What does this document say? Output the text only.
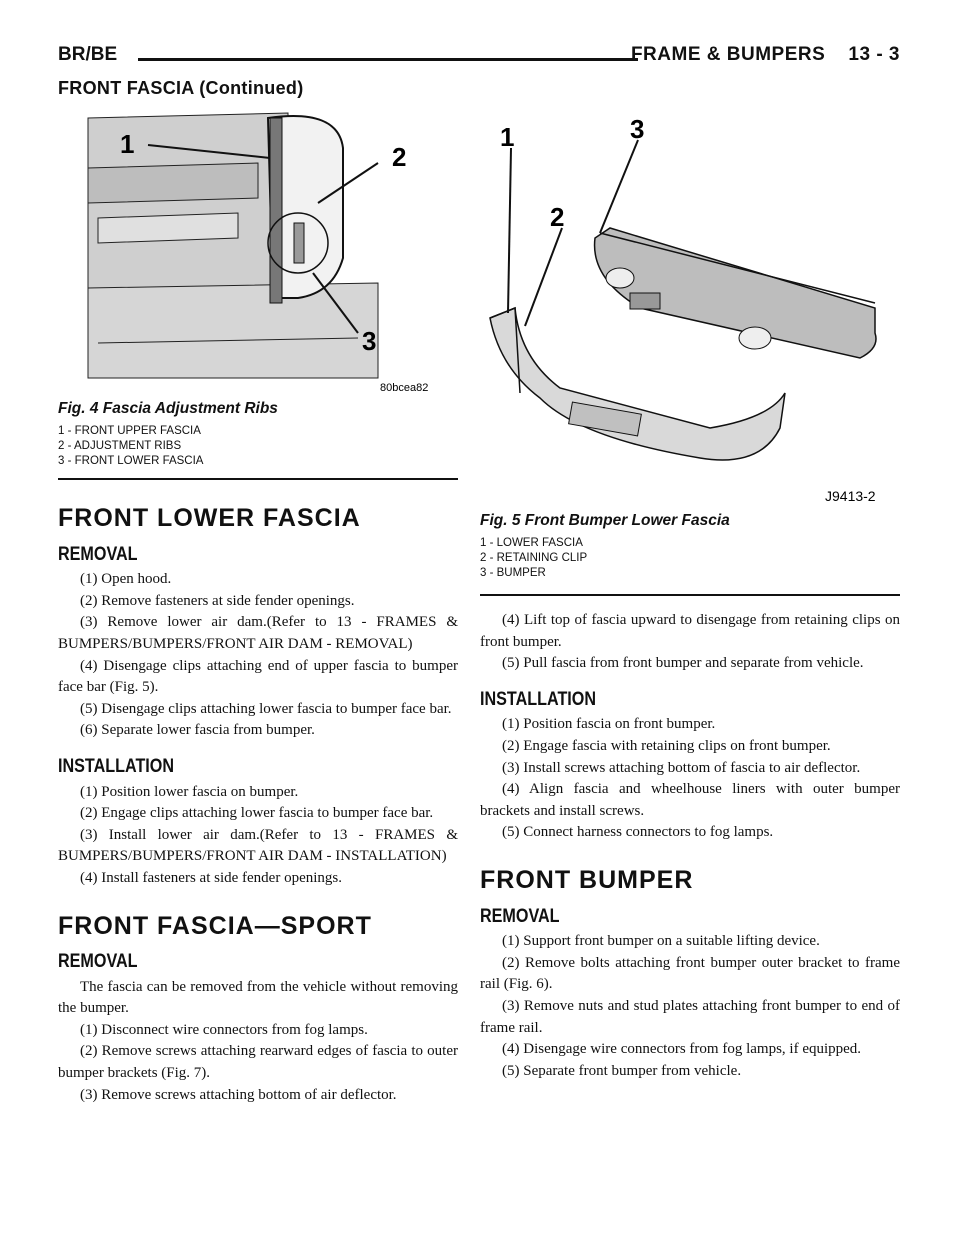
BR/BE	FRAME & BUMPERS    13 - 3
FRONT FASCIA (Continued)
1	2
3
80bcea82
Fig. 4 Fascia Adjustment Ribs
1 - FRONT UPPER FASCIA
2 - ADJUSTMENT RIBS
3 - FRONT LOWER FASCIA
1
2
3
J9413-2
Fig. 5 Front Bumper Lower Fascia
1 - LOWER FASCIA
2 - RETAINING CLIP
3 - BUMPER
FRONT LOWER FASCIA
REMOVAL

(1) Open hood.

(2) Remove fasteners at side fender openings.

(3) Remove lower air dam.(Refer to 13 - FRAMES & BUMPERS/BUMPERS/FRONT AIR DAM - REMOVAL)

(4) Disengage clips attaching end of upper fascia to bumper face bar (Fig. 5).

(5) Disengage clips attaching lower fascia to bumper face bar.

(6) Separate lower fascia from bumper.

INSTALLATION

(1) Position lower fascia on bumper.

(2) Engage clips attaching lower fascia to bumper face bar.

(3) Install lower air dam.(Refer to 13 - FRAMES & BUMPERS/BUMPERS/FRONT AIR DAM - INSTALLATION)

(4) Install fasteners at side fender openings.

FRONT FASCIA—SPORT
REMOVAL

The fascia can be removed from the vehicle without removing the bumper.

(1) Disconnect wire connectors from fog lamps.

(2) Remove screws attaching rearward edges of fascia to outer bumper brackets (Fig. 7).

(3) Remove screws attaching bottom of air deflector.

(4) Lift top of fascia upward to disengage from retaining clips on front bumper.

(5) Pull fascia from front bumper and separate from vehicle.

INSTALLATION

(1) Position fascia on front bumper.

(2) Engage fascia with retaining clips on front bumper.

(3) Install screws attaching bottom of fascia to air deflector.

(4) Align fascia and wheelhouse liners with outer bumper brackets and install screws.

(5) Connect harness connectors to fog lamps.

FRONT BUMPER
REMOVAL

(1) Support front bumper on a suitable lifting device.

(2) Remove bolts attaching front bumper outer bracket to frame rail (Fig. 6).

(3) Remove nuts and stud plates attaching front bumper to end of frame rail.

(4) Disengage wire connectors from fog lamps, if equipped.

(5) Separate front bumper from vehicle.
